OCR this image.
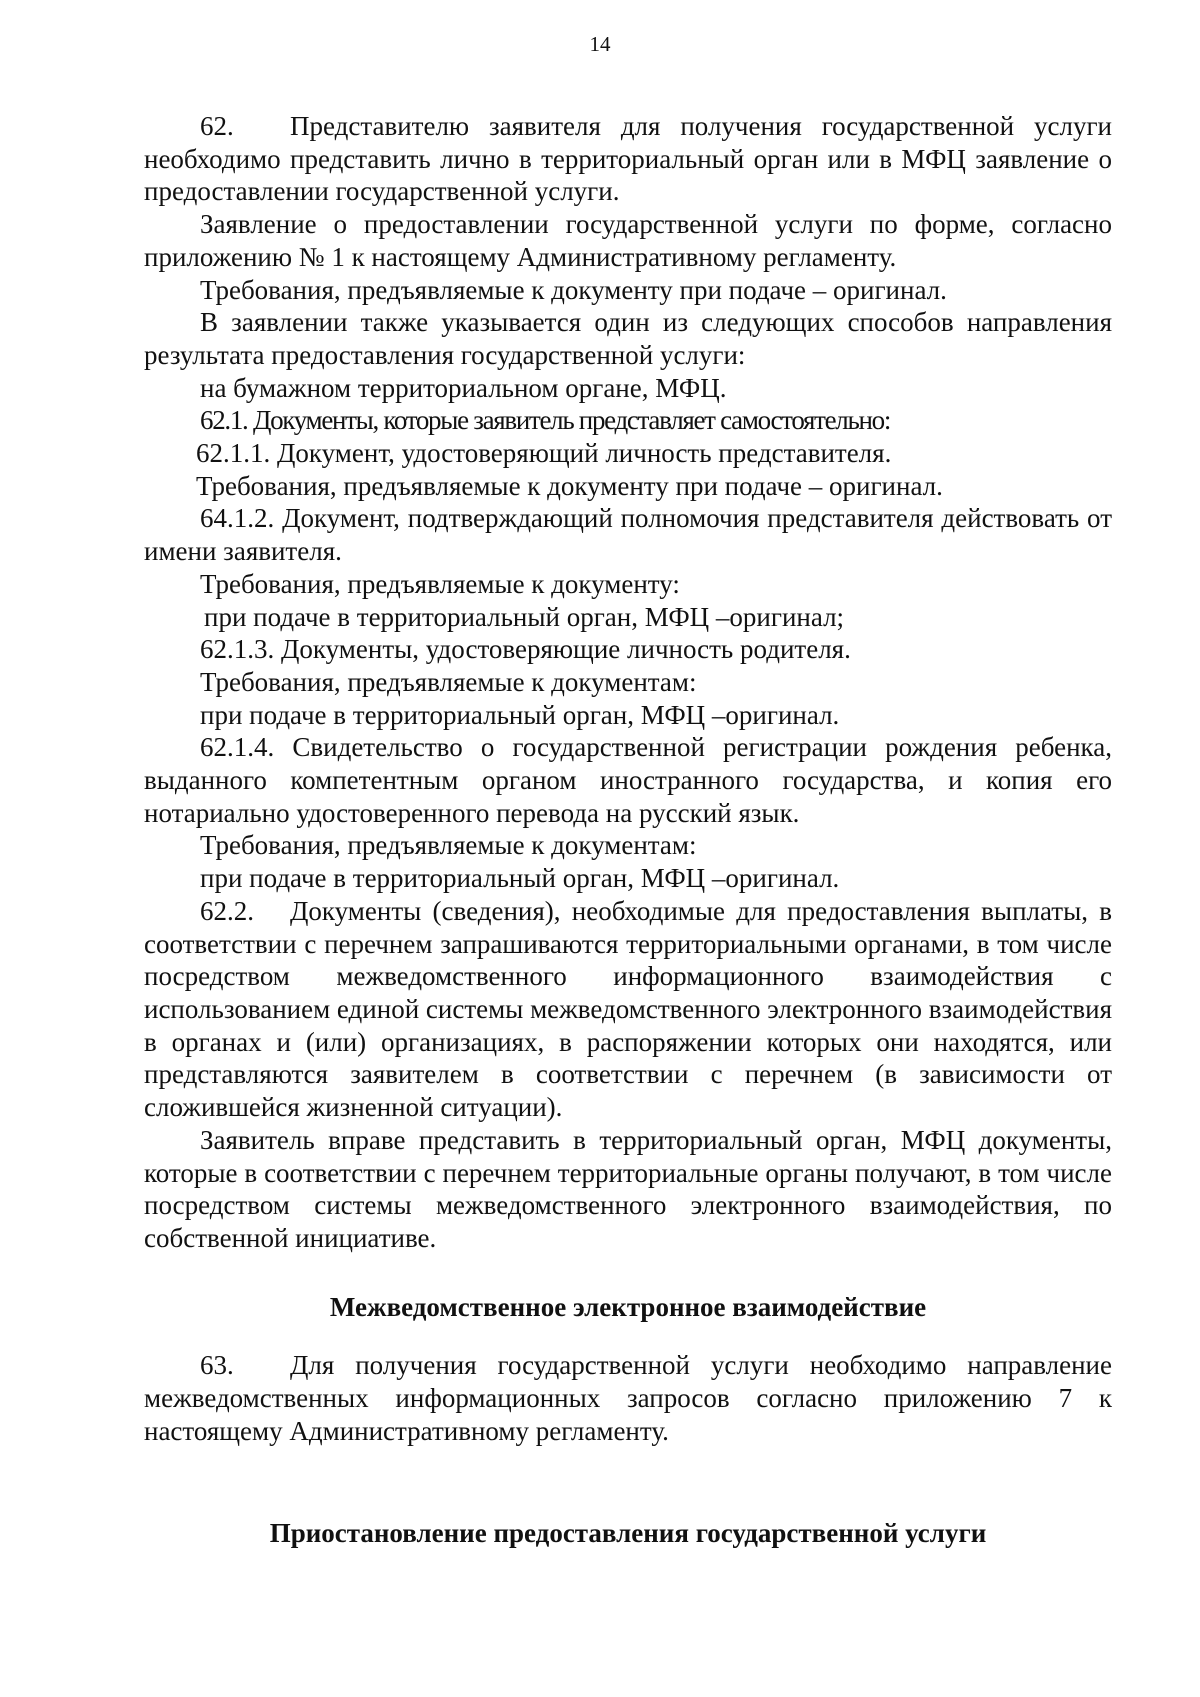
14

62. Представителю заявителя для получения государственной услуги необходимо представить лично в территориальный орган или в МФЦ заявление о предоставлении государственной услуги.

Заявление о предоставлении государственной услуги по форме, согласно приложению № 1 к настоящему Административному регламенту.

Требования, предъявляемые к документу при подаче – оригинал.

В заявлении также указывается один из следующих способов направления результата предоставления государственной услуги:

на бумажном территориальном органе, МФЦ.

62.1. Документы, которые заявитель представляет самостоятельно:

62.1.1. Документ, удостоверяющий личность представителя.

Требования, предъявляемые к документу при подаче – оригинал.

64.1.2. Документ, подтверждающий полномочия представителя действовать от имени заявителя.

Требования, предъявляемые к документу:

при подаче в территориальный орган, МФЦ –оригинал;

62.1.3. Документы, удостоверяющие личность родителя.

Требования, предъявляемые к документам:

при подаче в территориальный орган, МФЦ –оригинал.

62.1.4. Свидетельство о государственной регистрации рождения ребенка, выданного компетентным органом иностранного государства, и копия его нотариально удостоверенного перевода на русский язык.

Требования, предъявляемые к документам:

при подаче в территориальный орган, МФЦ –оригинал.

62.2. Документы (сведения), необходимые для предоставления выплаты, в соответствии с перечнем запрашиваются территориальными органами, в том числе посредством межведомственного информационного взаимодействия с использованием единой системы межведомственного электронного взаимодействия в органах и (или) организациях, в распоряжении которых они находятся, или представляются заявителем в соответствии с перечнем (в зависимости от сложившейся жизненной ситуации).

Заявитель вправе представить в территориальный орган, МФЦ документы, которые в соответствии с перечнем территориальные органы получают, в том числе посредством системы межведомственного электронного взаимодействия, по собственной инициативе.

Межведомственное электронное взаимодействие

63. Для получения государственной услуги необходимо направление межведомственных информационных запросов согласно приложению 7 к настоящему Административному регламенту.

Приостановление предоставления государственной услуги
